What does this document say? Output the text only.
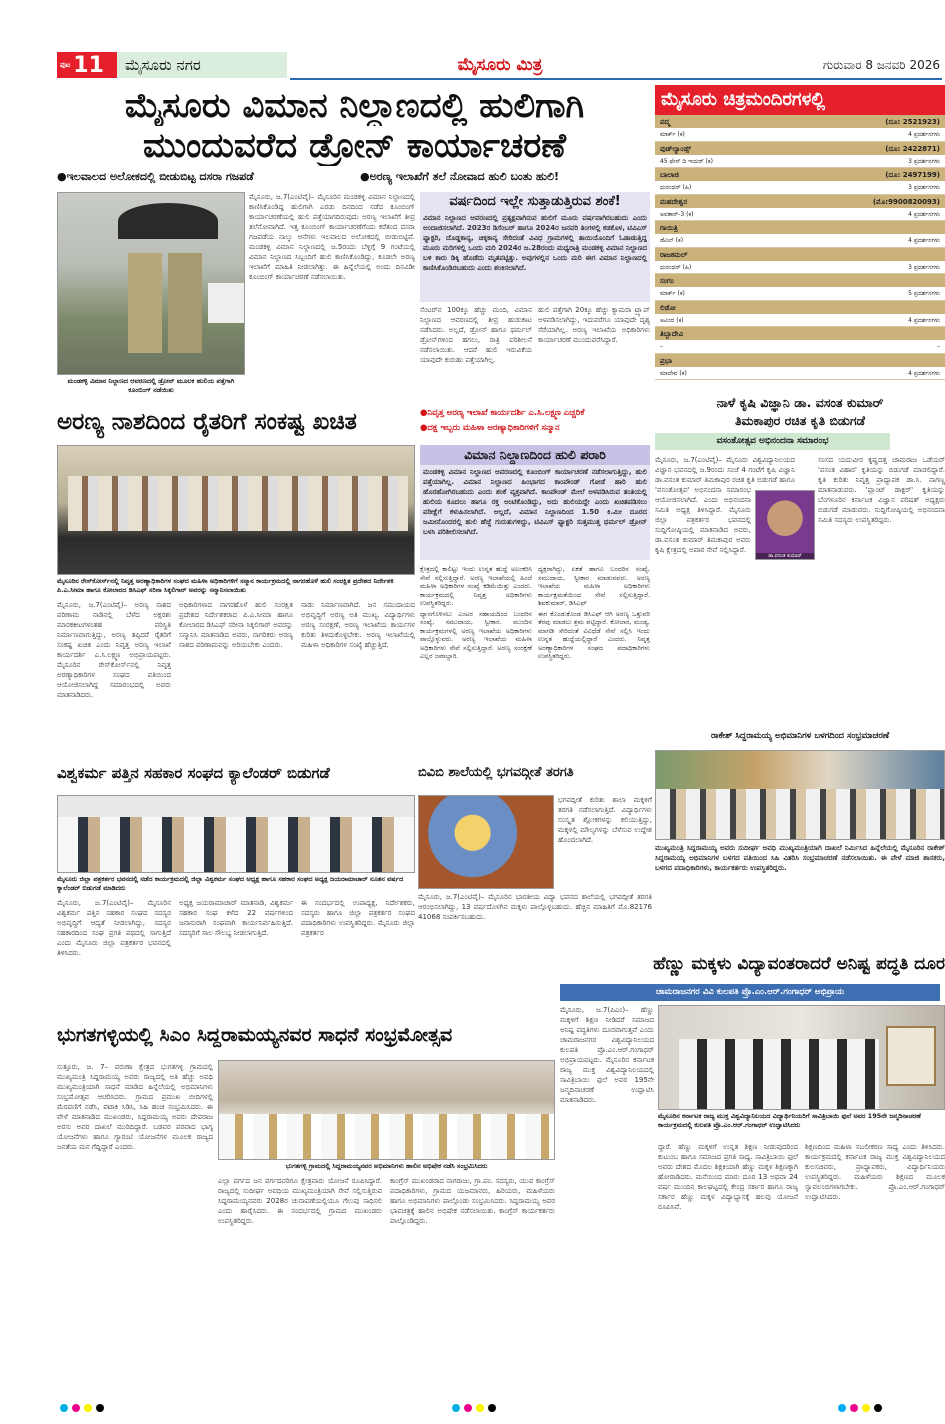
ಪುಟ 11	ಮೈಸೂರು ನಗರ	ಮೈಸೂರು ಮಿತ್ರ	ಗುರುವಾರ 8 ಜನವರಿ 2026
ಮೈಸೂರು ವಿಮಾನ ನಿಲ್ದಾಣದಲ್ಲಿ ಹುಲಿಗಾಗಿ
ಮುಂದುವರೆದ ಡ್ರೋನ್ ಕಾರ್ಯಾಚರಣೆ
●ಇಲವಾಲದ ಅಲೋಕದಲ್ಲಿ ಬೀಡುಬಿಟ್ಟ ದಸರಾ ಗಜಪಡೆ	●ಅರಣ್ಯ ಇಲಾಖೆಗೆ ತಲೆ ನೋವಾದ ಹುಲಿ ಬಂತು ಹುಲಿ!
ಮಂಡಕಳ್ಳಿ ವಿಮಾನ ನಿಲ್ದಾಣದ ಆವರಣದಲ್ಲಿ ಡ್ರೋನ್ ಮೂಲಕ ಹುಲಿಯ ಪತ್ತೆಗಾಗಿ ಕೂಂಬಿಂಗ್ ನಡೆಯಿತು
ಮೈಸೂರು, ಜ.7(ಎಂಟಿವೈ)– ಮೈಸೂರಿನ ಮಂಡಕಳ್ಳಿ ವಿಮಾನ ನಿಲ್ದಾಣದಲ್ಲಿ ಕಾಣಿಸಿಕೊಂಡಿದ್ದ ಹುಲಿಗಾಗಿ ಎರಡು ದಿನದಿಂದ ನಡೆದ ಕೂಂಬಿಂಗ್ ಕಾರ್ಯಾಚರಣೆಯಲ್ಲಿ ಹುಲಿ ಪತ್ತೆಯಾಗದಿರುವುದು ಅರಣ್ಯ ಇಲಾಖೆಗೆ ತೀವ್ರ ತಲೆನೋವಾಗಿದೆ. ಇತ್ತ ಕೂಂಬಿಂಗ್ ಕಾರ್ಯಾಚರಣೆಗೆಂದು ಕರೆತಂದ ದಸರಾ ಗಜಪಡೆಯ ನಾಲ್ಕು ಆನೆಗಳು ಇಲವಾಲದ ಅಲೋಕದಲ್ಲಿ ಬೀಡುಬಿಟ್ಟಿವೆ. ಮಂಡಕಳ್ಳಿ ವಿಮಾನ ನಿಲ್ದಾಣದಲ್ಲಿ ಜ.5ರಂದು ಬೆಳ್ಳಿಗ್ಗೆ 9 ಗಂಟೆಯಲ್ಲಿ ವಿಮಾನ ನಿಲ್ದಾಣದ ಸಿಬ್ಬಂದಿಗೆ ಹುಲಿ ಕಾಣಿಸಿಕೊಂಡಿದ್ದು, ಕೂಡಲೇ ಅರಣ್ಯ ಇಲಾಖೆಗೆ ಮಾಹಿತಿ ನೀಡಲಾಗಿತ್ತು. ಈ ಹಿನ್ನೆಲೆಯಲ್ಲಿ ಅಂದು ದಿನವಿಡೀ ಕೂಂಬಿಂಗ್ ಕಾರ್ಯಾಚರಣೆ ನಡೆಸಲಾಯಿತು.
ವರ್ಷದಿಂದ ಇಲ್ಲೇ ಸುತ್ತಾಡುತ್ತಿರುವ ಶಂಕೆ!
ವಿಮಾನ ನಿಲ್ದಾಣದ ಆವರಣದಲ್ಲಿ ಪ್ರತ್ಯಕ್ಷವಾಗಿರುವ ಹುಲಿಗೆ ಮೂರು ವರ್ಷವಾಗಿರಬಹುದು ಎಂದು ಅಂದಾಜಿಸಲಾಗಿದೆ. 2023ರ ಡಿಸೆಂಬರ್ ಹಾಗೂ 2024ರ ಜನವರಿ ತಿಂಗಳಲ್ಲಿ ಕಡಕೊಳ, ಟಿವಿಎಸ್ ಫ್ಯಾಕ್ಟರಿ, ದೊಡ್ಡಕಾನ್ಯ, ಚಿಕ್ಕಕಾನ್ಯ ಸೇರಿದಂತೆ ವಿವಿಧ ಗ್ರಾಮಗಳಲ್ಲಿ ತಾಯಿಯೊಂದಿಗೆ ಓಡಾಡುತ್ತಿದ್ದ ಮೂರು ಮರಿಗಳಲ್ಲಿ ಒಂದು ಮರಿ 2024ರ ಜ.28ರಂದು ಮಧ್ಯರಾತ್ರಿ ಮಂಡಕಳ್ಳಿ ವಿಮಾನ ನಿಲ್ದಾಣದ ಬಳಿ ಕಾರು ಡಿಕ್ಕಿ ಹೊಡೆದು ಮೃತಪಟ್ಟಿತ್ತು. ಅವುಗಳಲ್ಲಿನ ಒಂದು ಮರಿ ಈಗ ವಿಮಾನ ನಿಲ್ದಾಣದಲ್ಲಿ ಕಾಣಿಸಿಕೊಂಡಿರಬಹುದು ಎಂದು ಶಂಕಿಸಲಾಗಿದೆ.
ಸೆಂಟರ್‌ನ 100ಕ್ಕೂ ಹೆಚ್ಚು ಮಂದಿ, ವಿಮಾನ ನಿಲ್ದಾಣದ ಆವರಣದಲ್ಲಿ ತೀವ್ರ ಹುಡುಕಾಟ ನಡೆಸಿದರು. ಅಲ್ಲದೆ, ಡ್ರೋನ್ ಹಾಗೂ ಥರ್ಮಲ್ ಡ್ರೋನ್‌ಗಳಿಂದ ಹಗಲು, ರಾತ್ರಿ ಪರಿಶೀಲನೆ ನಡೆಸಲಾಯಿತು. ಆದರೆ ಹುಲಿ ಇರುವಿಕೆಯ ಯಾವುದೇ ಕುರುಹು ಪತ್ತೆಯಾಗಿಲ್ಲ.
ಹುಲಿ ಪತ್ತೆಗಾಗಿ 20ಕ್ಕೂ ಹೆಚ್ಚು ಕ್ಯಾಮರಾ ಟ್ರ್ಯಾಪ್ ಅಳವಡಿಸಲಾಗಿದ್ದು, ಇದುವರೆಗೂ ಯಾವುದೇ ದೃಶ್ಯ ಸೆರೆಯಾಗಿಲ್ಲ. ಅರಣ್ಯ ಇಲಾಖೆಯ ಅಧಿಕಾರಿಗಳು ಕಾರ್ಯಾಚರಣೆ ಮುಂದುವರೆಸಿದ್ದಾರೆ.
ಮೈಸೂರು ಚಿತ್ರಮಂದಿರಗಳಲ್ಲಿ
ಪದ್ಮ	(ದೂ: 2521923)
ಮಾರ್ಕ್ (ಕ)	4 ಪ್ರದರ್ಶನಗಳು
ವುಡ್‌ಲ್ಯಾಂಡ್ಸ್	(ದೂ: 2422871)
45 ಫೇಸ್ ದಿ ಇಯರ್ (ಕ)	3 ಪ್ರದರ್ಶನಗಳು
ಬಾಲಾಜಿ	(ದೂ: 2497199)
ಧುರಂಧರ್ (ಹಿ)	3 ಪ್ರದರ್ಶನಗಳು
ಮಹದೇಶ್ವರ	(ಮೊ:9900820093)
ಅವತಾರ್-3 (ಕ)	4 ಪ್ರದರ್ಶನಗಳು
ಗಾಯಿತ್ರಿ
ಡೆವಿಲ್ (ಕ)	4 ಪ್ರದರ್ಶನಗಳು
ರಾಜಕಮಲ್
ಧುರಂಧರ್ (ಹಿ)	3 ಪ್ರದರ್ಶನಗಳು
ಸಂಗಂ
ಮಾರ್ಕ್ (ಕ)	5 ಪ್ರದರ್ಶನಗಳು
ಲಿಡೋ
ಅವಿಂದ (ಕ)	4 ಪ್ರದರ್ಶನಗಳು
ತಿಬ್ಬಾದೇವಿ
–	–
ಪ್ರಭಾ
ಮಾದೇವ (ಕ)	4 ಪ್ರದರ್ಶನಗಳು
ಅರಣ್ಯ ನಾಶದಿಂದ ರೈತರಿಗೆ ಸಂಕಷ್ಟ ಖಚಿತ	●ನಿವೃತ್ತ ಅರಣ್ಯ ಇಲಾಖೆ ಕಾರ್ಯದರ್ಶಿ ಎ.ಸಿ.ಲಕ್ಷ್ಮಣ ಎಚ್ಚರಿಕೆ
●ದಕ್ಷ ಇಬ್ಬರು ಮಹಿಳಾ ಅರಣ್ಯಾಧಿಕಾರಿಗಳಿಗೆ ಸನ್ಮಾನ
ಮೈಸೂರಿನ ರೇಸ್‌ಕೋರ್ಸ್‌ನಲ್ಲಿ ನಿವೃತ್ತ ಅರಣ್ಯಾಧಿಕಾರಿಗಳ ಸಂಘದ ಮಹಿಳಾ ಅಧಿಕಾರಿಗಳಿಗೆ ಸನ್ಮಾನ ಕಾರ್ಯಕ್ರಮದಲ್ಲಿ ನಾಗರಹೊಳೆ ಹುಲಿ ಸಂರಕ್ಷಿತ ಪ್ರದೇಶದ ನಿರ್ದೇಶಕಿ ಪಿ.ಎ.ಸೀಮಾ ಹಾಗೂ ಕೋಲಾರದ ಡಿಸಿಎಫ್ ಸರಿನಾ ಸಿಕ್ಕಲಿಗಾರ್ ಅವರನ್ನು ಸನ್ಮಾನಿಸಲಾಯಿತು
ಮೈಸೂರು, ಜ.7(ಎಂಟಿವೈ)– ಅರಣ್ಯ ನಾಶದ ಪರಿಣಾಮ ನಾಡಿನಲ್ಲಿ ಬೆಳೆದ ಅಕ್ಷರಶಃ ಮಾರಕಕೀಟಗಳಂತಹ ಪರಿಸ್ಥಿತಿ ನಿರ್ಮಾಣವಾಗುತ್ತಿದ್ದು, ಅರಣ್ಯ ತಪ್ಪಿದರೆ ರೈತರಿಗೆ ಸಂಕಷ್ಟ ಖಚಿತ ಎಂದು ನಿವೃತ್ತ ಅರಣ್ಯ ಇಲಾಖೆ ಕಾರ್ಯದರ್ಶಿ ಎ.ಸಿ.ಲಕ್ಷ್ಮಣ ಅಭಿಪ್ರಾಯಪಟ್ಟರು. ಮೈಸೂರಿನ ರೇಸ್‌ಕೋರ್ಸ್‌ನಲ್ಲಿ ನಿವೃತ್ತ ಅರಣ್ಯಾಧಿಕಾರಿಗಳ ಸಂಘದ ವತಿಯಿಂದ ಆಯೋಜಿಸಲಾಗಿದ್ದ ಸಮಾರಂಭದಲ್ಲಿ ಅವರು ಮಾತನಾಡಿದರು.
ಅಧಿಕಾರಿಗಳಾದ ನಾಗರಹೊಳೆ ಹುಲಿ ಸಂರಕ್ಷಿತ ಪ್ರದೇಶದ ನಿರ್ದೇಶಕರಾದ ಪಿ.ಎ.ಸೀಮಾ ಹಾಗೂ ಕೋಲಾರದ ಡಿಸಿಎಫ್ ಸರೀನಾ ಸಿಕ್ಕಲಿಗಾರ್ ಅವರನ್ನು ಸನ್ಮಾನಿಸಿ ಮಾತನಾಡಿದ ಅವರು, ನಾಗರಿಕರು ಅರಣ್ಯ ನಾಶದ ಪರಿಣಾಮವನ್ನು ಅರಿಯಬೇಕು ಎಂದರು.
ನಾಡು ನಿರ್ಮಾಣವಾಗಿದೆ. ಜನ ಸಮುದಾಯದ ಅಭಿವೃದ್ಧಿಗೆ ಅರಣ್ಯ ಅತಿ ಮುಖ್ಯ. ವಿದ್ಯಾರ್ಥಿಗಳು ಅರಣ್ಯ ಸಂರಕ್ಷಣೆ, ಅರಣ್ಯ ಇಲಾಖೆಯ ಕಾರ್ಯಗಳ ಕುರಿತು ತಿಳಿದುಕೊಳ್ಳಬೇಕು. ಅರಣ್ಯ ಇಲಾಖೆಯಲ್ಲಿ ಮಹಿಳಾ ಅಧಿಕಾರಿಗಳ ಸಂಖ್ಯೆ ಹೆಚ್ಚುತ್ತಿದೆ.
ವಿಮಾನ ನಿಲ್ದಾಣದಿಂದ ಹುಲಿ ಪರಾರಿ
ಮಂಡಕಳ್ಳಿ ವಿಮಾನ ನಿಲ್ದಾಣದ ಆವರಣದಲ್ಲಿ ಕೂಂಬಿಂಗ್ ಕಾರ್ಯಾಚರಣೆ ನಡೆಸಲಾಗುತ್ತಿದ್ದು, ಹುಲಿ ಪತ್ತೆಯಾಗಿಲ್ಲ. ವಿಮಾನ ನಿಲ್ದಾಣದ ಹಿಂಭಾಗದ ಕಾಂಪೌಂಡ್ ಗೋಡೆ ಹಾರಿ ಹುಲಿ ಹೊರಹೋಗಿರಬಹುದು ಎಂದು ಶಂಕೆ ವ್ಯಕ್ತವಾಗಿದೆ. ಕಾಂಪೌಂಡ್ ಮೇಲೆ ಅಳವಡಿಸಿರುವ ತಂತಿಯಲ್ಲಿ ಹುಲಿಯ ಕೂದಲು ಹಾಗೂ ರಕ್ತ ಅಂಟಿಕೊಂಡಿದ್ದು, ಅದು ಹುಲಿಯದ್ದೇ ಎಂದು ಖಚಿತಪಡಿಸಲು ಪರೀಕ್ಷೆಗೆ ಕಳುಹಿಸಲಾಗಿದೆ. ಅಲ್ಲದೆ, ವಿಮಾನ ನಿಲ್ದಾಣದಿಂದ 1.50 ಕಿ.ಮೀ ದೂರದ ಜಮೀನೊಂದರಲ್ಲಿ ಹುಲಿ ಹೆಜ್ಜೆ ಗುರುತುಗಳಿದ್ದು, ಟಿವಿಎಸ್ ಫ್ಯಾಕ್ಟರಿ ಸುತ್ತಮುತ್ತ ಥರ್ಮಲ್ ಡ್ರೋನ್ ಬಳಸಿ ಪರಿಶೀಲಿಸಲಾಗಿದೆ.
ಕ್ಷೇತ್ರದಲ್ಲಿ ಕಾಲಿಟ್ಟು ಇಂದು ಉನ್ನತ ಹುದ್ದೆ ಅಲಂಕರಿಸಿ ಸೇವೆ ಸಲ್ಲಿಸುತ್ತಿದ್ದಾರೆ. ಅರಣ್ಯ ಇಲಾಖೆಯಲ್ಲಿ ಹಿಂದೆ ಮಹಿಳಾ ಅಧಿಕಾರಿಗಳ ಸಂಖ್ಯೆ ಕಡಿಮೆಯಿತ್ತು ಎಂದರು. ಕಾರ್ಯಕ್ರಮದಲ್ಲಿ ನಿವೃತ್ತ ಅಧಿಕಾರಿಗಳು ಉಪಸ್ಥಿತರಿದ್ದರು.
ಧ್ಯಾನಗೊಳಿಸಲು ಎಂಟರ ಸಹಾಯದಿಂದ ಬಂದರಿನ ಸಂಖ್ಯೆ, ಸಮುದಾಯ, ಸ್ವೀಕಾರ. ಮುಂದಿನ ಕಾರ್ಯಕ್ರಮಗಳಲ್ಲಿ ಅರಣ್ಯ ಇಲಾಖೆಯ ಅಧಿಕಾರಿಗಳು ಪಾಲ್ಗೊಳ್ಳುವರು. ಅರಣ್ಯ ಇಲಾಖೆಯ ಮಹಿಳಾ ಅಧಿಕಾರಿಗಳು ಸೇವೆ ಸಲ್ಲಿಸುತ್ತಿದ್ದಾರೆ. ಅರಣ್ಯ ಸಂರಕ್ಷಣೆ ಎಲ್ಲರ ಜವಾಬ್ದಾರಿ.
ಧ್ಯಕ್ಷರಾಗಿದ್ದು, ಏಕತೆ ಹಾಗೂ ಬಂದರಿನ ಸಂಖ್ಯೆ, ಸಮುದಾಯ, ಸ್ವೀಕಾರ ಮಾಡುವವರು. ಅರಣ್ಯ ಇಲಾಖೆಯ ಮಹಿಳಾ ಅಧಿಕಾರಿಗಳು ಕಾರ್ಯಕ್ಷಮತೆಯಿಂದ ಸೇವೆ ಸಲ್ಲಿಸುತ್ತಿದ್ದಾರೆ. ಶಿವಕುಮಾರ್, ಡಿಸಿಎಫ್
ಈಗ ಕೊಂಡುಕೊಂಡ ಡಿಸಿಎಫ್ ಆಗಿ ಅರಣ್ಯ ಒತ್ತುವರಿ ತೆರವು ಮಾಡಲು ಶ್ರಮ ಪಟ್ಟಿದ್ದಾರೆ. ಕೋಲಾರ, ಮಂಡ್ಯ, ಮಾಗಡಿ ಸೇರಿದಂತೆ ವಿವಿಧೆಡೆ ಸೇವೆ ಸಲ್ಲಿಸಿ ಇಂದು ಉನ್ನತ ಹುದ್ದೆಯಲ್ಲಿದ್ದಾರೆ ಎಂದರು. ನಿವೃತ್ತ ಅರಣ್ಯಾಧಿಕಾರಿಗಳ ಸಂಘದ ಪದಾಧಿಕಾರಿಗಳು ಉಪಸ್ಥಿತರಿದ್ದರು.
ನಾಳೆ ಕೃಷಿ ವಿಜ್ಞಾನಿ ಡಾ. ವಸಂತ ಕುಮಾರ್
ತಿಮಕಾಪುರ ರಚಿತ ಕೃತಿ ಬಿಡುಗಡೆ
ವಸಂತೋತ್ಸವ ಅಭಿನಂದನಾ ಸಮಾರಂಭ
ಮೈಸೂರು, ಜ.7(ಎಂಟಿವೈ)– ಮೈಸೂರು ವಿಶ್ವವಿದ್ಯಾನಿಲಯದ ವಿಜ್ಞಾನ ಭವನದಲ್ಲಿ ಜ.9ರಂದು ಸಂಜೆ 4 ಗಂಟೆಗೆ ಕೃಷಿ ವಿಜ್ಞಾನಿ ಡಾ.ವಸಂತ ಕುಮಾರ್ ತಿಮಕಾಪುರ ರಚಿತ ಕೃತಿ ಬಿಡುಗಡೆ ಹಾಗೂ 'ವಸಂತೋತ್ಸವ' ಅಭಿನಂದನಾ ಸಮಾರಂಭ ಆಯೋಜಿಸಲಾಗಿದೆ. ಎಂದು ಅಭಿನಂದನಾ ಸಮಿತಿ ಅಧ್ಯಕ್ಷ ತಿಳಿಸಿದ್ದಾರೆ. ಮೈಸೂರು ಜಿಲ್ಲಾ ಪತ್ರಕರ್ತರ ಭವನದಲ್ಲಿ ಸುದ್ದಿಗೋಷ್ಠಿಯಲ್ಲಿ ಮಾತನಾಡಿದ ಅವರು, ಡಾ.ವಸಂತ ಕುಮಾರ್ ತಿಮಕಾಪುರ ಅವರು ಕೃಷಿ ಕ್ಷೇತ್ರದಲ್ಲಿ ಅಪಾರ ಸೇವೆ ಸಲ್ಲಿಸಿದ್ದಾರೆ.
ಡಾ.ವಸಂತ ಕುಮಾರ್
ಸಂಸದ ಯದುವೀರ ಕೃಷ್ಣದತ್ತ ಚಾಮರಾಜ ಒಡೆಯರ್ 'ವಸಂತ ವಿಹಾರ' ಕೃತಿಯನ್ನು ಬಿಡುಗಡೆ ಮಾಡಲಿದ್ದಾರೆ. ಕೃತಿ ಕುರಿತು ನಿವೃತ್ತ ಪ್ರಾಧ್ಯಾಪಕ ಡಾ.ಸಿ. ನಾಗಣ್ಣ ಮಾತನಾಡುವರು. 'ಪ್ಲಾಂಟ್ ಡಾಕ್ಟರ್' ಕೃತಿಯನ್ನು ಬೆಂಗಳೂರಿನ ಕರ್ನಾಟಕ ವಿಜ್ಞಾನ ಪರಿಷತ್ ಅಧ್ಯಕ್ಷರು ಬಿಡುಗಡೆ ಮಾಡುವರು. ಸುದ್ದಿಗೋಷ್ಠಿಯಲ್ಲಿ ಅಭಿನಂದನಾ ಸಮಿತಿ ಸದಸ್ಯರು ಉಪಸ್ಥಿತರಿದ್ದರು.
ರಾಕೇಶ್ ಸಿದ್ದರಾಮಯ್ಯ ಅಭಿಮಾನಿಗಳ ಬಳಗದಿಂದ ಸಂಭ್ರಮಾಚರಣೆ
ಮುಖ್ಯಮಂತ್ರಿ ಸಿದ್ದರಾಮಯ್ಯ ಅವರು ಸುದೀರ್ಘ ಅವಧಿ ಮುಖ್ಯಮಂತ್ರಿಯಾಗಿ ದಾಖಲೆ ನಿರ್ಮಿಸಿದ ಹಿನ್ನೆಲೆಯಲ್ಲಿ ಮೈಸೂರಿನ ರಾಕೇಶ್ ಸಿದ್ದರಾಮಯ್ಯ ಅಭಿಮಾನಿಗಳ ಬಳಗದ ವತಿಯಿಂದ ಸಿಹಿ ವಿತರಿಸಿ ಸಂಭ್ರಮಾಚರಣೆ ನಡೆಸಲಾಯಿತು. ಈ ವೇಳೆ ಮಾಜಿ ಶಾಸಕರು, ಬಳಗದ ಪದಾಧಿಕಾರಿಗಳು, ಕಾರ್ಯಕರ್ತರು ಉಪಸ್ಥಿತರಿದ್ದರು.
ವಿಶ್ವಕರ್ಮ ಪತ್ತಿನ ಸಹಕಾರ ಸಂಘದ ಕ್ಯಾಲೆಂಡರ್ ಬಿಡುಗಡೆ
ಮೈಸೂರು ಜಿಲ್ಲಾ ಪತ್ರಕರ್ತರ ಭವನದಲ್ಲಿ ನಡೆದ ಕಾರ್ಯಕ್ರಮದಲ್ಲಿ ಜಿಲ್ಲಾ ವಿಶ್ವಕರ್ಮ ಸಂಘದ ಅಧ್ಯಕ್ಷ ಹಾಗೂ ಸಹಕಾರ ಸಂಘದ ಅಧ್ಯಕ್ಷ ಜಯರಾಮಾಚಾರ್ ನೂತನ ವರ್ಷದ ಕ್ಯಾಲೆಂಡರ್ ಬಿಡುಗಡೆ ಮಾಡಿದರು
ಮೈಸೂರು, ಜ.7(ಎಂಟಿವೈ)– ಮೈಸೂರಿನ ವಿಶ್ವಕರ್ಮ ಪತ್ತಿನ ಸಹಕಾರ ಸಂಘದ ಸದಸ್ಯರ ಅಭಿವೃದ್ಧಿಗೆ ಆದ್ಯತೆ ನೀಡಲಾಗಿದ್ದು, ಸದಸ್ಯರ ಸಹಕಾರದಿಂದ ಸಂಘ ಪ್ರಗತಿ ಪಥದಲ್ಲಿ ಸಾಗುತ್ತಿದೆ ಎಂದು ಮೈಸೂರು ಜಿಲ್ಲಾ ಪತ್ರಕರ್ತರ ಭವನದಲ್ಲಿ ತಿಳಿಸಿದರು.
ಅಧ್ಯಕ್ಷ ಜಯರಾಮಾಚಾರ್ ಮಾತನಾಡಿ, ವಿಶ್ವಕರ್ಮ ಸಹಕಾರ ಸಂಘ ಕಳೆದ 22 ವರ್ಷಗಳಿಂದ ಜನಾನುರಾಗಿ ಸಂಘವಾಗಿ ಕಾರ್ಯನಿರ್ವಹಿಸುತ್ತಿದೆ. ಸದಸ್ಯರಿಗೆ ಸಾಲ ಸೌಲಭ್ಯ ನೀಡಲಾಗುತ್ತಿದೆ.
ಈ ಸಂದರ್ಭದಲ್ಲಿ ಉಪಾಧ್ಯಕ್ಷ, ನಿರ್ದೇಶಕರು, ಸದಸ್ಯರು ಹಾಗೂ ಜಿಲ್ಲಾ ಪತ್ರಕರ್ತರ ಸಂಘದ ಪದಾಧಿಕಾರಿಗಳು ಉಪಸ್ಥಿತರಿದ್ದರು. ಮೈಸೂರು ಜಿಲ್ಲಾ ಪತ್ರಕರ್ತರ
ಬಿವಿಬಿ ಶಾಲೆಯಲ್ಲಿ ಭಗವದ್ಗೀತೆ ತರಗತಿ
ಭಗವದ್ಗೀತೆ ಕುರಿತು ಶಾಲಾ ಮಕ್ಕಳಿಗೆ ತರಗತಿ ನಡೆಸಲಾಗುತ್ತಿದೆ. ವಿದ್ಯಾರ್ಥಿಗಳು ಸಂಸ್ಕೃತ ಶ್ಲೋಕಗಳನ್ನು ಕಲಿಯುತ್ತಿದ್ದು, ಮಕ್ಕಳಲ್ಲಿ ಮೌಲ್ಯಗಳನ್ನು ಬೆಳೆಸುವ ಉದ್ದೇಶ ಹೊಂದಲಾಗಿದೆ.
ಮೈಸೂರು, ಜ.7(ಎಂಟಿವೈ)– ಮೈಸೂರಿನ ಭಾರತೀಯ ವಿದ್ಯಾ ಭವನದ ಶಾಲೆಯಲ್ಲಿ ಭಗವದ್ಗೀತೆ ತರಗತಿ ಆರಂಭಿಸಲಾಗಿದ್ದು, 13 ವರ್ಷದೊಳಗಿನ ಮಕ್ಕಳು ಪಾಲ್ಗೊಳ್ಳಬಹುದು. ಹೆಚ್ಚಿನ ಮಾಹಿತಿಗೆ ಮೊ.82176 41068 ಸಂಪರ್ಕಿಸಬಹುದು.
ಹೆಣ್ಣು ಮಕ್ಕಳು ವಿದ್ಯಾವಂತರಾದರೆ ಅನಿಷ್ಟ ಪದ್ಧತಿ ದೂರ
ಚಾಮರಾಜನಗರ ವಿವಿ ಕುಲಪತಿ ಪ್ರೊ.ಎಂ.ಆರ್.ಗಂಗಾಧರ್ ಅಭಿಪ್ರಾಯ
ಮೈಸೂರು, ಜ.7(ಪಿಎಂ)– ಹೆಣ್ಣು ಮಕ್ಕಳಿಗೆ ಶಿಕ್ಷಣ ನೀಡಿದರೆ ಸಮಾಜದ ಅನಿಷ್ಟ ಪದ್ಧತಿಗಳು ದೂರವಾಗುತ್ತವೆ ಎಂದು ಚಾಮರಾಜನಗರ ವಿಶ್ವವಿದ್ಯಾನಿಲಯದ ಕುಲಪತಿ ಪ್ರೊ.ಎಂ.ಆರ್.ಗಂಗಾಧರ್ ಅಭಿಪ್ರಾಯಪಟ್ಟರು. ಮೈಸೂರಿನ ಕರ್ನಾಟಕ ರಾಜ್ಯ ಮುಕ್ತ ವಿಶ್ವವಿದ್ಯಾನಿಲಯದಲ್ಲಿ ಸಾವಿತ್ರಿಬಾಯಿ ಫುಲೆ ಅವರ 195ನೇ ಜನ್ಮದಿನಾಚರಣೆ ಉದ್ಘಾಟಿಸಿ ಮಾತನಾಡಿದರು.
ಮೈಸೂರಿನ ಕರ್ನಾಟಕ ರಾಜ್ಯ ಮುಕ್ತ ವಿಶ್ವವಿದ್ಯಾನಿಲಯದ ವಿದ್ಯಾರ್ಥಿನಿಯರಿಗೆ ಸಾವಿತ್ರಿಬಾಯಿ ಫುಲೆ ಅವರ 195ನೇ ಜನ್ಮದಿನಾಚರಣೆ ಕಾರ್ಯಕ್ರಮದಲ್ಲಿ ಕುಲಪತಿ ಪ್ರೊ.ಎಂ.ಆರ್.ಗಂಗಾಧರ್ ಉದ್ಘಾಟಿಸಿದರು
ದ್ದಾರೆ. ಹೆಣ್ಣು ಮಕ್ಕಳಿಗೆ ಉನ್ನತ ಶಿಕ್ಷಣ ನೀಡುವುದರಿಂದ ಕುಟುಂಬ ಹಾಗೂ ಸಮಾಜದ ಪ್ರಗತಿ ಸಾಧ್ಯ. ಸಾವಿತ್ರಿಬಾಯಿ ಫುಲೆ ಅವರು ದೇಶದ ಮೊದಲ ಶಿಕ್ಷಕಿಯಾಗಿ ಹೆಣ್ಣು ಮಕ್ಕಳ ಶಿಕ್ಷಣಕ್ಕಾಗಿ ಹೋರಾಡಿದರು. ಮನೆಯಿಂದ ಮಾರು ದೂರ 13 ಅಥವಾ 24 ವರ್ಷ ಮುಂದಿನ ಕಾಲಘಟ್ಟದಲ್ಲಿ ಕೇಂದ್ರ ಸರ್ಕಾರ ಹಾಗೂ ರಾಜ್ಯ ಸರ್ಕಾರ ಹೆಣ್ಣು ಮಕ್ಕಳ ವಿದ್ಯಾಭ್ಯಾಸಕ್ಕೆ ಹಲವು ಯೋಜನೆ ರೂಪಿಸಿವೆ.
ಶಿಕ್ಷಣದಿಂದ ಮಹಿಳಾ ಸಬಲೀಕರಣ ಸಾಧ್ಯ ಎಂದು ತಿಳಿಸಿದರು. ಕಾರ್ಯಕ್ರಮದಲ್ಲಿ ಕರ್ನಾಟಕ ರಾಜ್ಯ ಮುಕ್ತ ವಿಶ್ವವಿದ್ಯಾನಿಲಯದ ಕುಲಸಚಿವರು, ಪ್ರಾಧ್ಯಾಪಕರು, ವಿದ್ಯಾರ್ಥಿನಿಯರು ಉಪಸ್ಥಿತರಿದ್ದರು. ಮಹಿಳೆಯರು ಶಿಕ್ಷಣದ ಮೂಲಕ ಸ್ವಾವಲಂಬಿಗಳಾಗಬೇಕು. ಪ್ರೊ.ಎಂ.ಆರ್.ಗಂಗಾಧರ್ ಉದ್ಘಾಟಿಸಿದರು.
ಭುಗತಗಳ್ಳಿಯಲ್ಲಿ ಸಿಎಂ ಸಿದ್ದರಾಮಯ್ಯನವರ ಸಾಧನೆ ಸಂಭ್ರಮೋತ್ಸವ
ಸುತ್ತೂರು, ಜ. 7– ವರುಣಾ ಕ್ಷೇತ್ರದ ಭುಗತಗಳ್ಳಿ ಗ್ರಾಮದಲ್ಲಿ ಮುಖ್ಯಮಂತ್ರಿ ಸಿದ್ದರಾಮಯ್ಯ ಅವರು ರಾಜ್ಯದಲ್ಲಿ ಅತಿ ಹೆಚ್ಚು ಅವಧಿ ಮುಖ್ಯಮಂತ್ರಿಯಾಗಿ ಸಾಧನೆ ಮಾಡಿದ ಹಿನ್ನೆಲೆಯಲ್ಲಿ ಅಭಿಮಾನಿಗಳು ಸಂಭ್ರಮೋತ್ಸವ ಆಚರಿಸಿದರು. ಗ್ರಾಮದ ಪ್ರಮುಖ ಬೀದಿಗಳಲ್ಲಿ ಮೆರವಣಿಗೆ ನಡೆಸಿ, ಪಟಾಕಿ ಸಿಡಿಸಿ, ಸಿಹಿ ಹಂಚಿ ಸಂಭ್ರಮಿಸಿದರು. ಈ ವೇಳೆ ಮಾತನಾಡಿದ ಮುಖಂಡರು, ಸಿದ್ದರಾಮಯ್ಯ ಅವರು ದೇವರಾಜ ಅರಸು ಅವರ ದಾಖಲೆ ಮುರಿದಿದ್ದಾರೆ. ಬಡವರ ಪರವಾದ ಭಾಗ್ಯ ಯೋಜನೆಗಳು ಹಾಗೂ ಗ್ಯಾರಂಟಿ ಯೋಜನೆಗಳ ಮೂಲಕ ರಾಜ್ಯದ ಜನತೆಯ ಮನ ಗೆದ್ದಿದ್ದಾರೆ ಎಂದರು.
ಭುಗತಗಳ್ಳಿ ಗ್ರಾಮದಲ್ಲಿ ಸಿದ್ದರಾಮಯ್ಯನವರ ಅಭಿಮಾನಿಗಳು ಹಾಲಿನ ಅಭಿಷೇಕ ನಡೆಸಿ ಸಂಭ್ರಮಿಸಿದರು
ಎಲ್ಲಾ ವರ್ಗದ ಜನ ವರ್ಗದವರಿಗೂ ಕ್ಷೇತ್ರವಾರು ಯೋಜನೆ ರೂಪಿಸಿದ್ದಾರೆ. ರಾಜ್ಯದಲ್ಲಿ ಸುದೀರ್ಘ ಅವಧಿಯ ಮುಖ್ಯಮಂತ್ರಿಯಾಗಿ ಸೇವೆ ಸಲ್ಲಿಸುತ್ತಿರುವ ಸಿದ್ದರಾಮಯ್ಯನವರು 2028ರ ಚುನಾವಣೆಯಲ್ಲಿಯೂ ಗೆಲುವು ಸಾಧಿಸಲಿ ಎಂದು ಹಾರೈಸಿದರು. ಈ ಸಂದರ್ಭದಲ್ಲಿ ಗ್ರಾಮದ ಮುಖಂಡರು ಉಪಸ್ಥಿತರಿದ್ದರು.
ಕಾಂಗ್ರೆಸ್ ಮುಖಂಡರಾದ ನಾಗರಾಜು, ಗ್ರಾ.ಪಂ. ಸದಸ್ಯರು, ಯುವ ಕಾಂಗ್ರೆಸ್ ಪದಾಧಿಕಾರಿಗಳು, ಗ್ರಾಮದ ಯಜಮಾನರು, ಹಿರಿಯರು, ಮಹಿಳೆಯರು ಹಾಗೂ ಅಭಿಮಾನಿಗಳು ಪಾಲ್ಗೊಂಡು ಸಂಭ್ರಮಿಸಿದರು. ಸಿದ್ದರಾಮಯ್ಯ ಅವರ ಭಾವಚಿತ್ರಕ್ಕೆ ಹಾಲಿನ ಅಭಿಷೇಕ ನಡೆಸಲಾಯಿತು. ಕಾಂಗ್ರೆಸ್ ಕಾರ್ಯಕರ್ತರು ಪಾಲ್ಗೊಂಡಿದ್ದರು.
